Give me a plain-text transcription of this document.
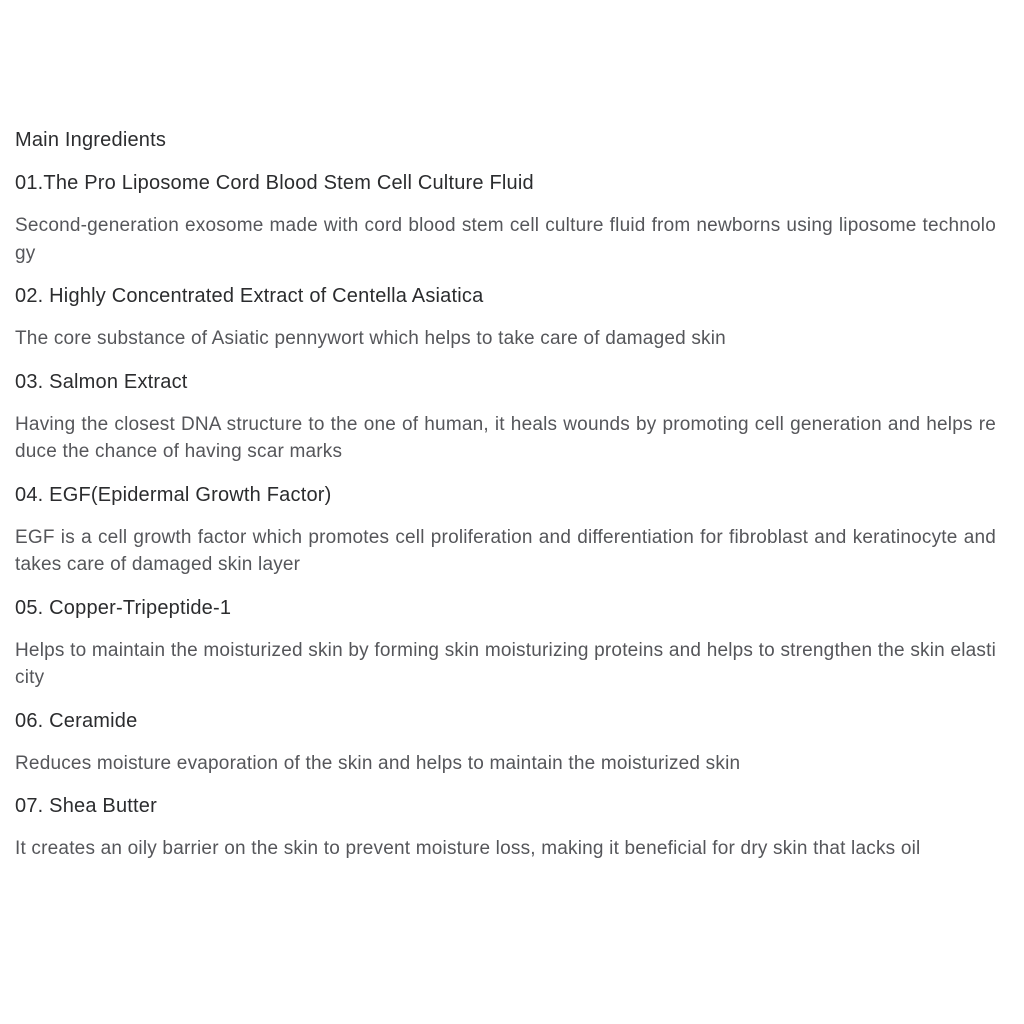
Main Ingredients
01.The Pro Liposome Cord Blood Stem Cell Culture Fluid

Second-generation exosome made with cord blood stem cell culture fluid from newborns using liposome technology

02. Highly Concentrated Extract of Centella Asiatica

The core substance of Asiatic pennywort which helps to take care of damaged skin

03. Salmon Extract

Having the closest DNA structure to the one of human, it heals wounds by promoting cell generation and helps reduce the chance of having scar marks

04. EGF(Epidermal Growth Factor)

EGF is a cell growth factor which promotes cell proliferation and differentiation for fibroblast and keratinocyte and takes care of damaged skin layer

05. Copper-Tripeptide-1

Helps to maintain the moisturized skin by forming skin moisturizing proteins and helps to strengthen the skin elasticity

06. Ceramide

Reduces moisture evaporation of the skin and helps to maintain the moisturized skin

07. Shea Butter

It creates an oily barrier on the skin to prevent moisture loss, making it beneficial for dry skin that lacks oil
